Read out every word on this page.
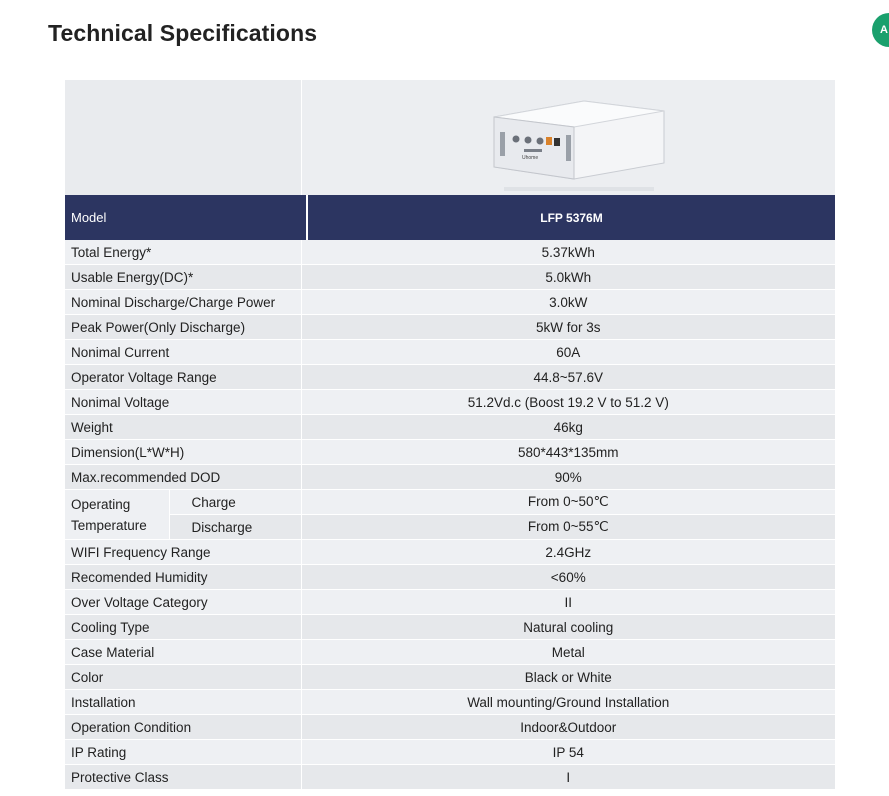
Technical Specifications	A
Uhome
Model	LFP 5376M
Total Energy*		5.37kWh
Usable Energy(DC)*		5.0kWh
Nominal Discharge/Charge Power		3.0kW
Peak Power(Only Discharge)		5kW for 3s
Nonimal Current		60A
Operator Voltage Range		44.8~57.6V
Nonimal Voltage		51.2Vd.c (Boost 19.2 V to 51.2 V)
Weight		46kg
Dimension(L*W*H)		580*443*135mm
Max.recommended DOD		90%
Operating
Temperature	Charge	From 0~50℃
	Discharge	From 0~55℃
WIFI Frequency Range		2.4GHz
Recomended Humidity		<60%
Over Voltage Category		II
Cooling Type		Natural cooling
Case Material		Metal
Color		Black or White
Installation		Wall mounting/Ground Installation
Operation Condition		Indoor&Outdoor
IP Rating		IP 54
Protective Class		I
